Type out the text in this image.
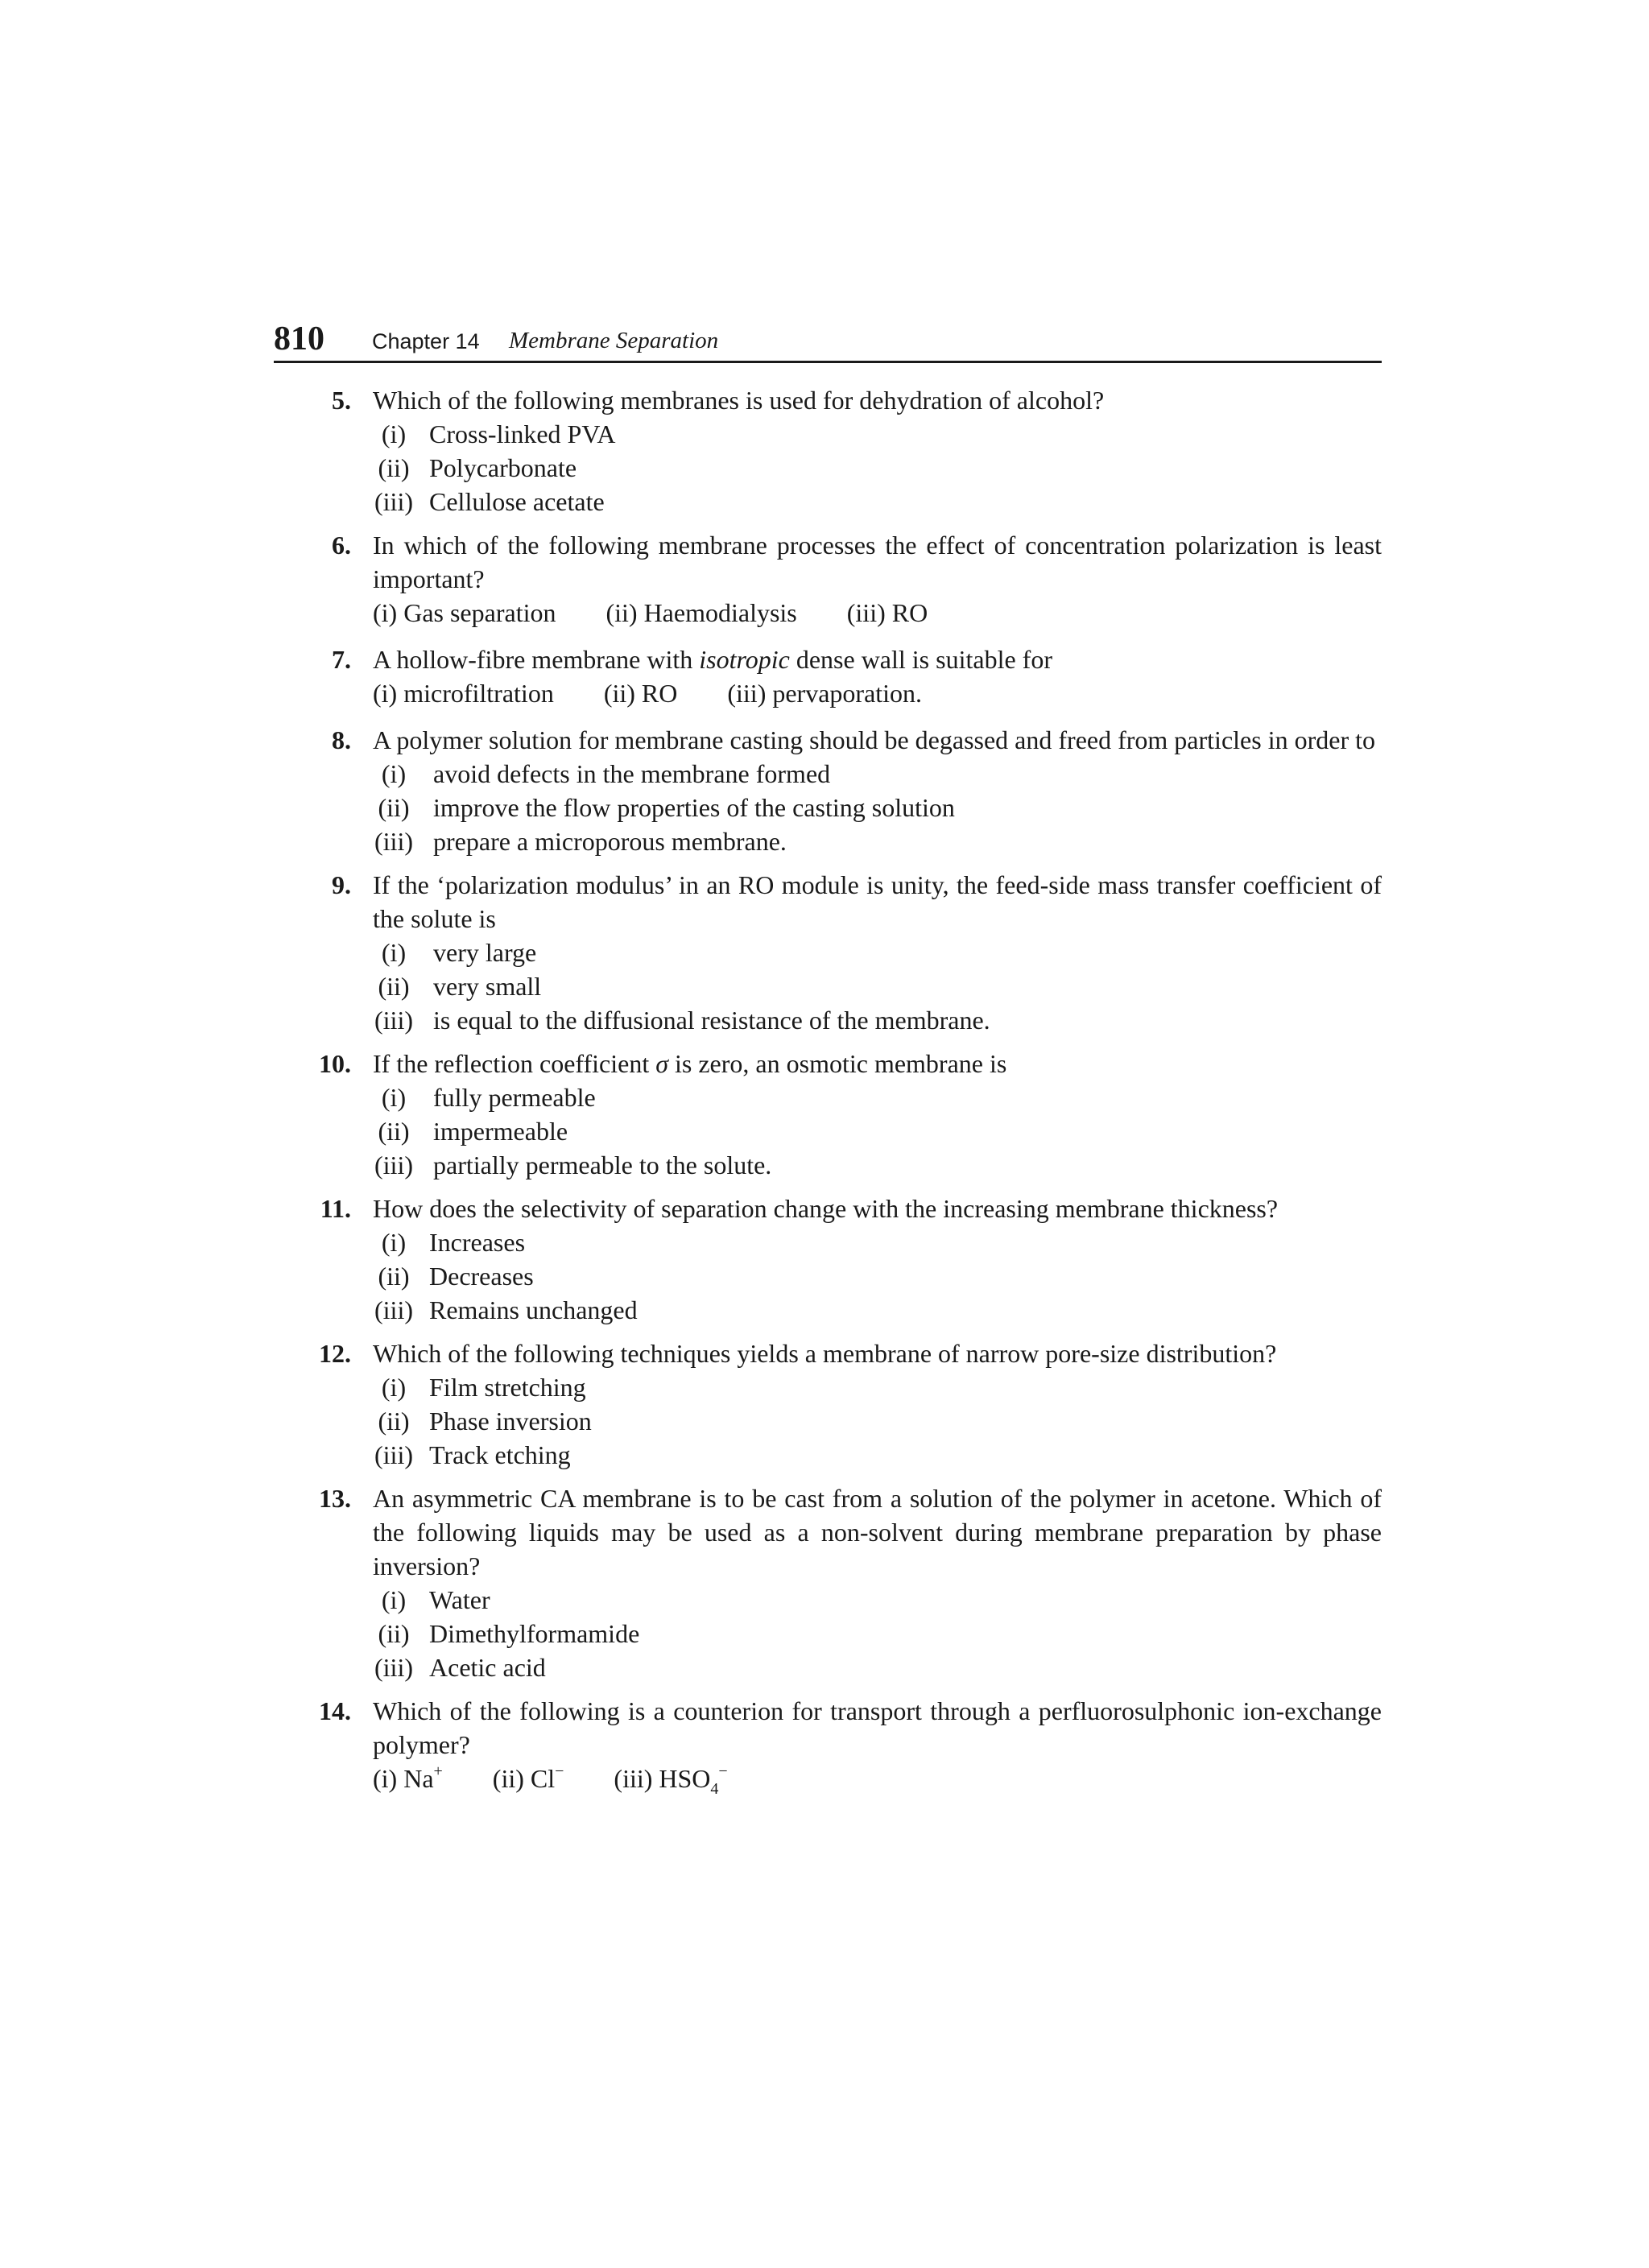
810 Chapter 14 Membrane Separation
5. Which of the following membranes is used for dehydration of alcohol?
(i) Cross-linked PVA
(ii) Polycarbonate
(iii) Cellulose acetate
6. In which of the following membrane processes the effect of concentration polarization is least important?
(i) Gas separation (ii) Haemodialysis (iii) RO
7. A hollow-fibre membrane with isotropic dense wall is suitable for
(i) microfiltration (ii) RO (iii) pervaporation.
8. A polymer solution for membrane casting should be degassed and freed from particles in order to
(i)	avoid defects in the membrane formed
(ii) improve the flow properties of the casting solution
(iii) prepare a microporous membrane.
9. If the ‘polarization modulus’ in an RO module is unity, the feed-side mass transfer coefficient of the solute is
(i)	very large
(ii) very small
(iii) is equal to the diffusional resistance of the membrane.
10. If the reflection coefficient σ is zero, an osmotic membrane is
(i)	fully permeable
(ii) impermeable
(iii) partially permeable to the solute.
11. How does the selectivity of separation change with the increasing membrane thickness?
(i) Increases
(ii) Decreases
(iii) Remains unchanged
12. Which of the following techniques yields a membrane of narrow pore-size distribution?
(i) Film stretching
(ii) Phase inversion
(iii) Track etching
13. An asymmetric CA membrane is to be cast from a solution of the polymer in acetone. Which of the following liquids may be used as a non-solvent during membrane preparation by phase inversion?
(i) Water
(ii) Dimethylformamide
(iii) Acetic acid
14. Which of the following is a counterion for transport through a perfluorosulphonic ion-exchange polymer?
(i) Na+ (ii) Cl− (iii) $HSO_4^-$
